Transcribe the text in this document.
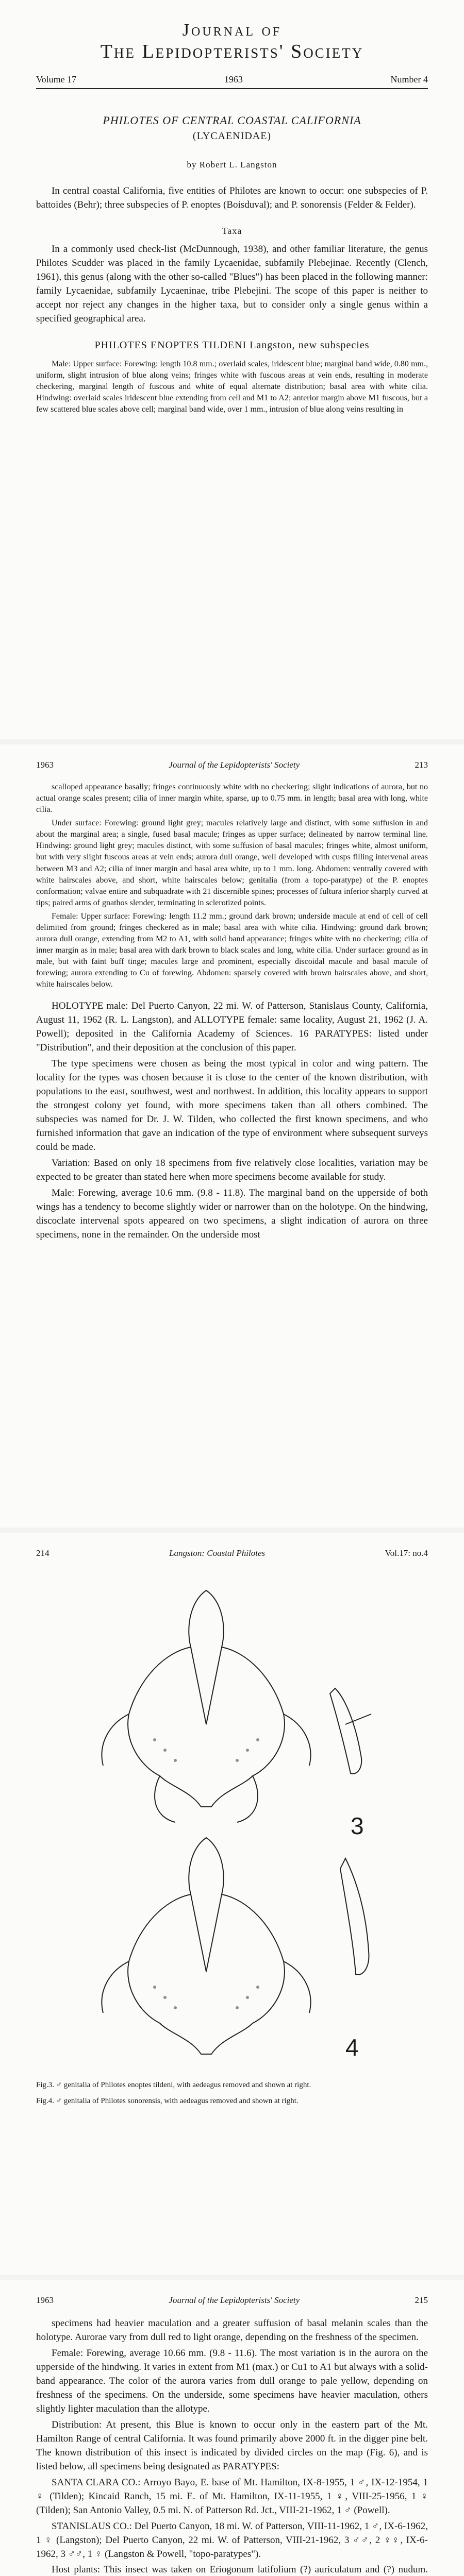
Journal of
The Lepidopterists' Society
Volume 17	1963	Number 4
PHILOTES OF CENTRAL COASTAL CALIFORNIA
(LYCAENIDAE)
by Robert L. Langston

In central coastal California, five entities of Philotes are known to occur: one subspecies of P. battoides (Behr); three subspecies of P. enoptes (Boisduval); and P. sonorensis (Felder & Felder).

Taxa

In a commonly used check-list (McDunnough, 1938), and other familiar literature, the genus Philotes Scudder was placed in the family Lycaenidae, subfamily Plebejinae. Recently (Clench, 1961), this genus (along with the other so-called "Blues") has been placed in the following manner: family Lycaenidae, subfamily Lycaeninae, tribe Plebejini. The scope of this paper is neither to accept nor reject any changes in the higher taxa, but to consider only a single genus within a specified geographical area.

PHILOTES ENOPTES TILDENI Langston, new subspecies

Male: Upper surface: Forewing: length 10.8 mm.; overlaid scales, iridescent blue; marginal band wide, 0.80 mm., uniform, slight intrusion of blue along veins; fringes white with fuscous areas at vein ends, resulting in moderate checkering, marginal length of fuscous and white of equal alternate distribution; basal area with white cilia. Hindwing: overlaid scales iridescent blue extending from cell and M1 to A2; anterior margin above M1 fuscous, but a few scattered blue scales above cell; marginal band wide, over 1 mm., intrusion of blue along veins resulting in

1963	Journal of the Lepidopterists' Society	213

scalloped appearance basally; fringes continuously white with no checkering; slight indications of aurora, but no actual orange scales present; cilia of inner margin white, sparse, up to 0.75 mm. in length; basal area with long, white cilia.

Under surface: Forewing: ground light grey; macules relatively large and distinct, with some suffusion in and about the marginal area; a single, fused basal macule; fringes as upper surface; delineated by narrow terminal line. Hindwing: ground light grey; macules distinct, with some suffusion of basal macules; fringes white, almost uniform, but with very slight fuscous areas at vein ends; aurora dull orange, well developed with cusps filling intervenal areas between M3 and A2; cilia of inner margin and basal area white, up to 1 mm. long. Abdomen: ventrally covered with white hairscales above, and short, white hairscales below; genitalia (from a topo-paratype) of the P. enoptes conformation; valvae entire and subquadrate with 21 discernible spines; processes of fultura inferior sharply curved at tips; paired arms of gnathos slender, terminating in sclerotized points.

Female: Upper surface: Forewing: length 11.2 mm.; ground dark brown; underside macule at end of cell of cell delimited from ground; fringes checkered as in male; basal area with white cilia. Hindwing: ground dark brown; aurora dull orange, extending from M2 to A1, with solid band appearance; fringes white with no checkering; cilia of inner margin as in male; basal area with dark brown to black scales and long, white cilia. Under surface: ground as in male, but with faint buff tinge; macules large and prominent, especially discoidal macule and basal macule of forewing; aurora extending to Cu of forewing. Abdomen: sparsely covered with brown hairscales above, and short, white hairscales below.

HOLOTYPE male: Del Puerto Canyon, 22 mi. W. of Patterson, Stanislaus County, California, August 11, 1962 (R. L. Langston), and ALLOTYPE female: same locality, August 21, 1962 (J. A. Powell); deposited in the California Academy of Sciences. 16 PARATYPES: listed under "Distribution", and their deposition at the conclusion of this paper.

The type specimens were chosen as being the most typical in color and wing pattern. The locality for the types was chosen because it is close to the center of the known distribution, with populations to the east, southwest, west and northwest. In addition, this locality appears to support the strongest colony yet found, with more specimens taken than all others combined. The subspecies was named for Dr. J. W. Tilden, who collected the first known specimens, and who furnished information that gave an indication of the type of environment where subsequent surveys could be made.

Variation: Based on only 18 specimens from five relatively close localities, variation may be expected to be greater than stated here when more specimens become available for study.

Male: Forewing, average 10.6 mm. (9.8 - 11.8). The marginal band on the upperside of both wings has a tendency to become slightly wider or narrower than on the holotype. On the hindwing, discoclate intervenal spots appeared on two specimens, a slight indication of aurora on three specimens, none in the remainder. On the underside most

214	Langston: Coastal Philotes	Vol.17: no.4
3
4
Fig.3. ♂ genitalia of Philotes enoptes tildeni, with aedeagus removed and shown at right.
Fig.4. ♂ genitalia of Philotes sonorensis, with aedeagus removed and shown at right.
1963	Journal of the Lepidopterists' Society	215

specimens had heavier maculation and a greater suffusion of basal melanin scales than the holotype. Aurorae vary from dull red to light orange, depending on the freshness of the specimen.

Female: Forewing, average 10.66 mm. (9.8 - 11.6). The most variation is in the aurora on the upperside of the hindwing. It varies in extent from M1 (max.) or Cu1 to A1 but always with a solid-band appearance. The color of the aurora varies from dull orange to pale yellow, depending on freshness of the specimens. On the underside, some specimens have heavier maculation, others slightly lighter maculation than the allotype.

Distribution: At present, this Blue is known to occur only in the eastern part of the Mt. Hamilton Range of central California. It was found primarily above 2000 ft. in the digger pine belt. The known distribution of this insect is indicated by divided circles on the map (Fig. 6), and is listed below, all specimens being designated as PARATYPES:

SANTA CLARA CO.: Arroyo Bayo, E. base of Mt. Hamilton, IX-8-1955, 1 ♂, IX-12-1954, 1 ♀ (Tilden); Kincaid Ranch, 15 mi. E. of Mt. Hamilton, IX-11-1955, 1 ♀, VIII-25-1956, 1 ♀ (Tilden); San Antonio Valley, 0.5 mi. N. of Patterson Rd. Jct., VIII-21-1962, 1 ♂ (Powell).

STANISLAUS CO.: Del Puerto Canyon, 18 mi. W. of Patterson, VIII-11-1962, 1 ♂, IX-6-1962, 1 ♀ (Langston); Del Puerto Canyon, 22 mi. W. of Patterson, VIII-21-1962, 3 ♂♂, 2 ♀♀, IX-6-1962, 3 ♂♂, 1 ♀ (Langston & Powell, "topo-paratypes").

Host plants: This insect was taken on Eriogonum latifolium (?) auriculatum and (?) nudum.
